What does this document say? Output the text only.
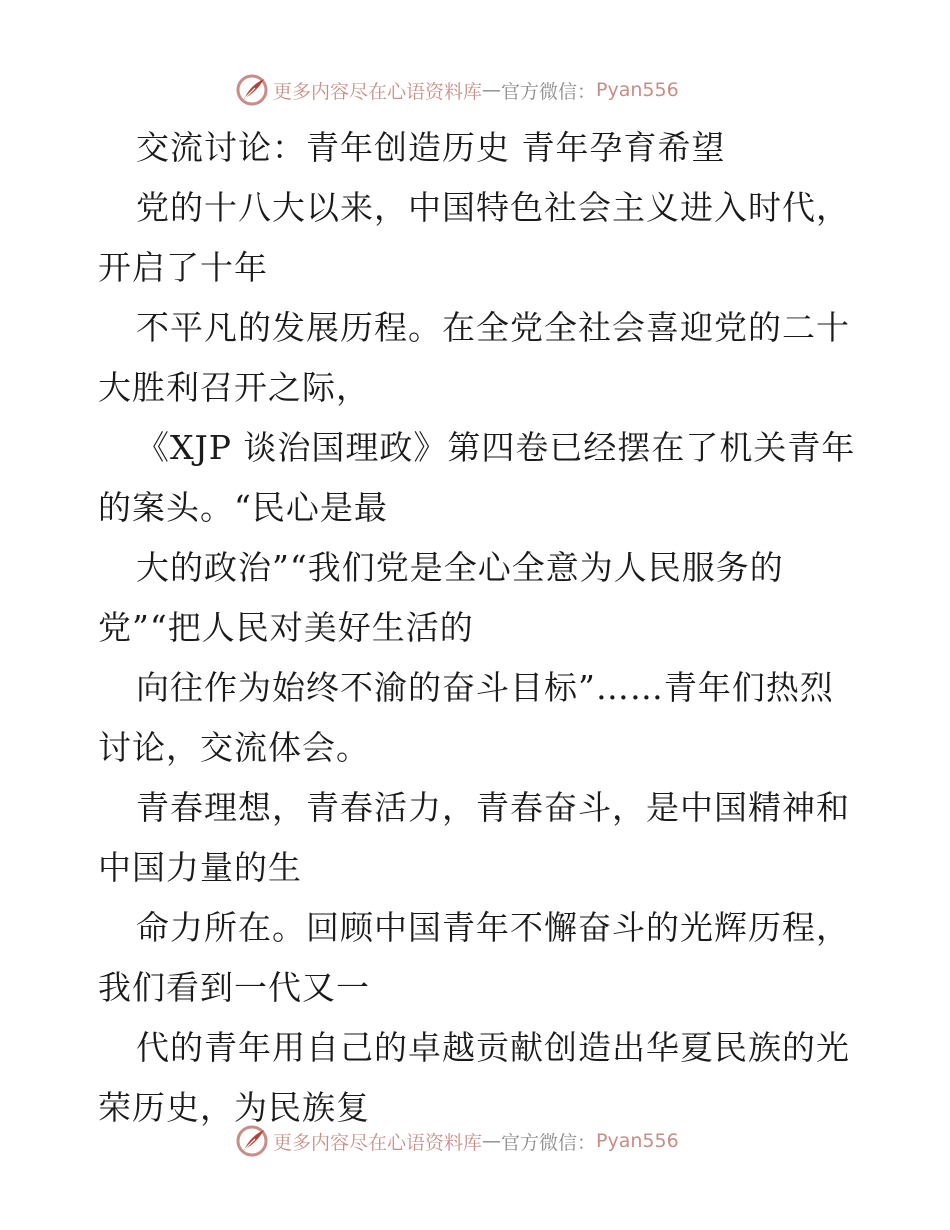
更多内容尽在心语资料库 — 官方微信： Pyan556
交流讨论：青年创造历史 青年孕育希望
党的十八大以来，中国特色社会主义进入时代，
开启了十年
不平凡的发展历程。在全党全社会喜迎党的二十
大胜利召开之际，
《XJP 谈治国理政》第四卷已经摆在了机关青年
的案头。“民心是最
大的政治”“我们党是全心全意为人民服务的
党”“把人民对美好生活的
向往作为始终不渝的奋斗目标”……青年们热烈
讨论，交流体会。
青春理想，青春活力，青春奋斗，是中国精神和
中国力量的生
命力所在。回顾中国青年不懈奋斗的光辉历程，
我们看到一代又一
代的青年用自己的卓越贡献创造出华夏民族的光
荣历史，为民族复
更多内容尽在心语资料库 — 官方微信： Pyan556
